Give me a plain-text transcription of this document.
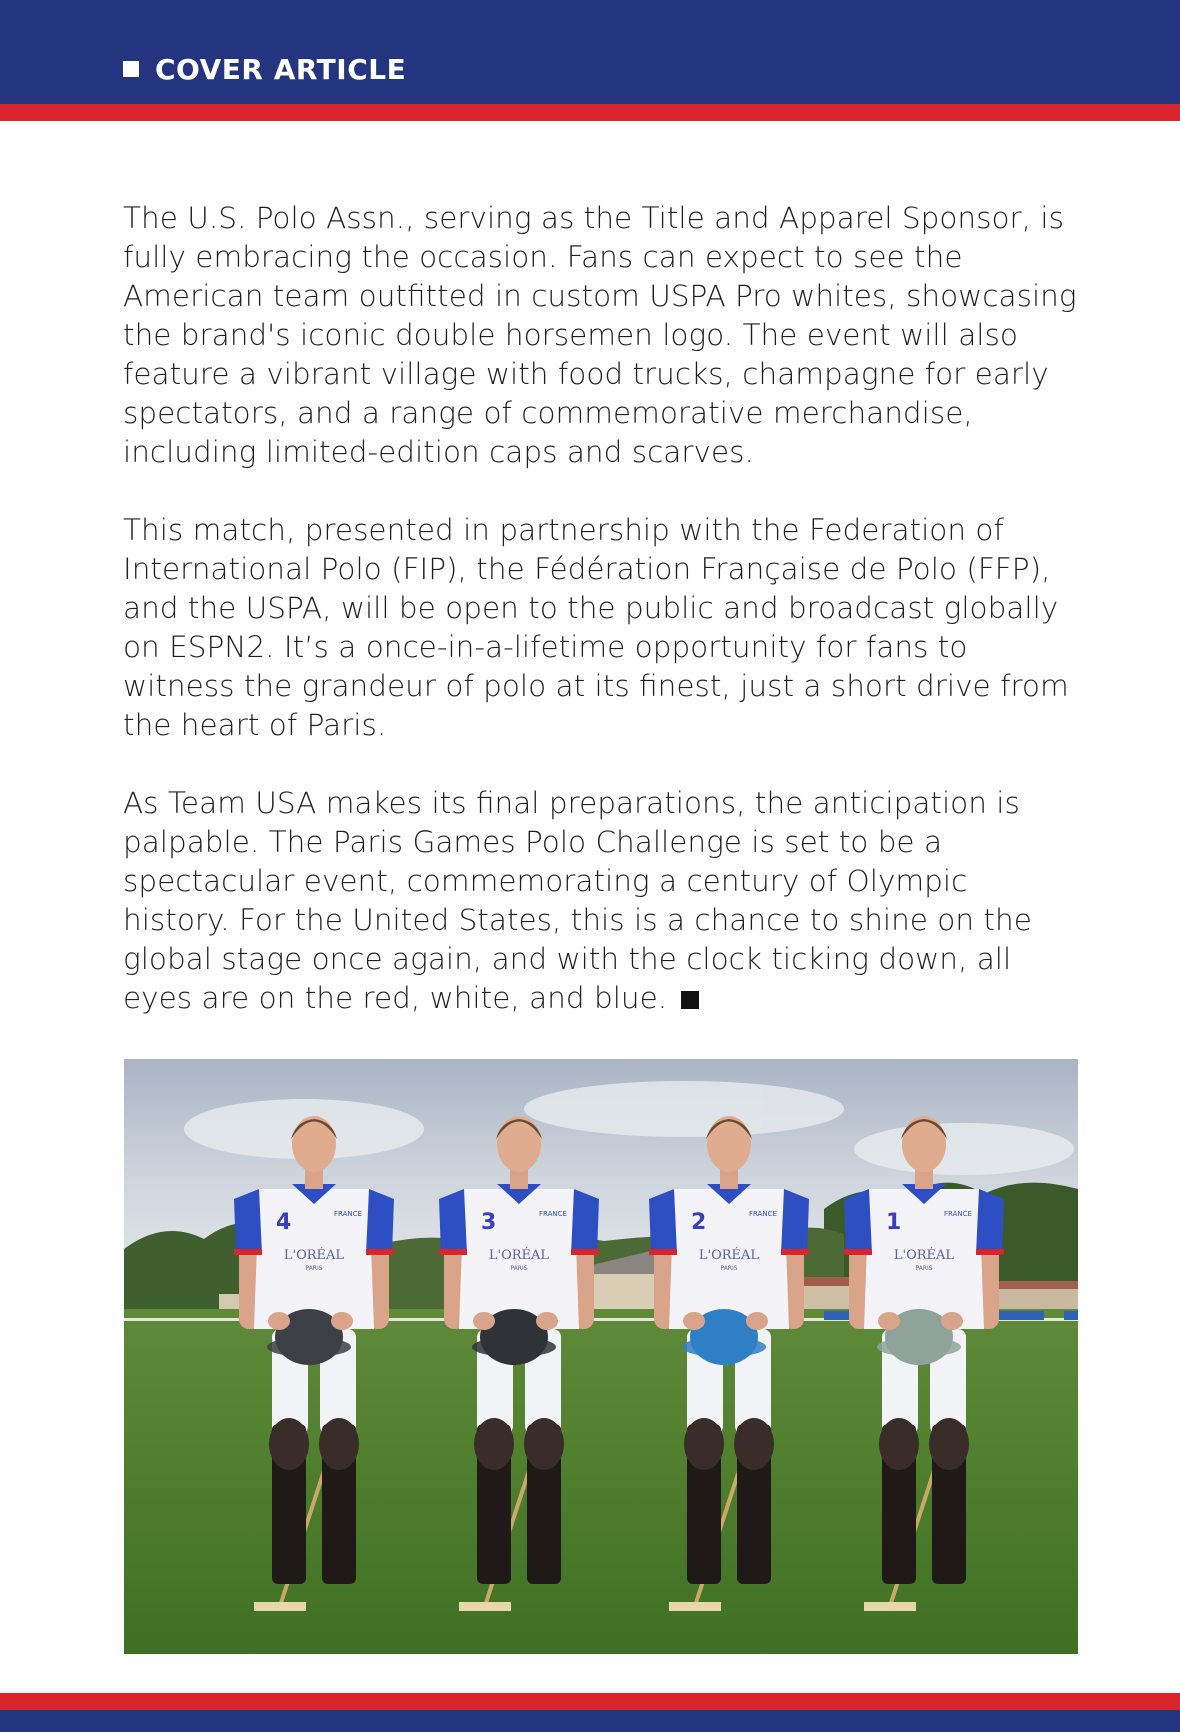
COVER ARTICLE

The U.S. Polo Assn., serving as the Title and Apparel Sponsor, is fully embracing the occasion. Fans can expect to see the American team outfitted in custom USPA Pro whites, showcasing the brand's iconic double horsemen logo. The event will also feature a vibrant village with food trucks, champagne for early spectators, and a range of commemorative merchandise, including limited-edition caps and scarves.

This match, presented in partnership with the Federation of International Polo (FIP), the Fédération Française de Polo (FFP), and the USPA, will be open to the public and broadcast globally on ESPN2. It’s a once-in-a-lifetime opportunity for fans to witness the grandeur of polo at its finest, just a short drive from the heart of Paris.

As Team USA makes its final preparations, the anticipation is palpable. The Paris Games Polo Challenge is set to be a spectacular event, commemorating a century of Olympic history. For the United States, this is a chance to shine on the global stage once again, and with the clock ticking down, all eyes are on the red, white, and blue.

4	FRANCE
L'ORÉAL
PARIS
3	FRANCE
L'ORÉAL
PARIS
2	FRANCE
L'ORÉAL
PARIS
1	FRANCE
L'ORÉAL
PARIS
